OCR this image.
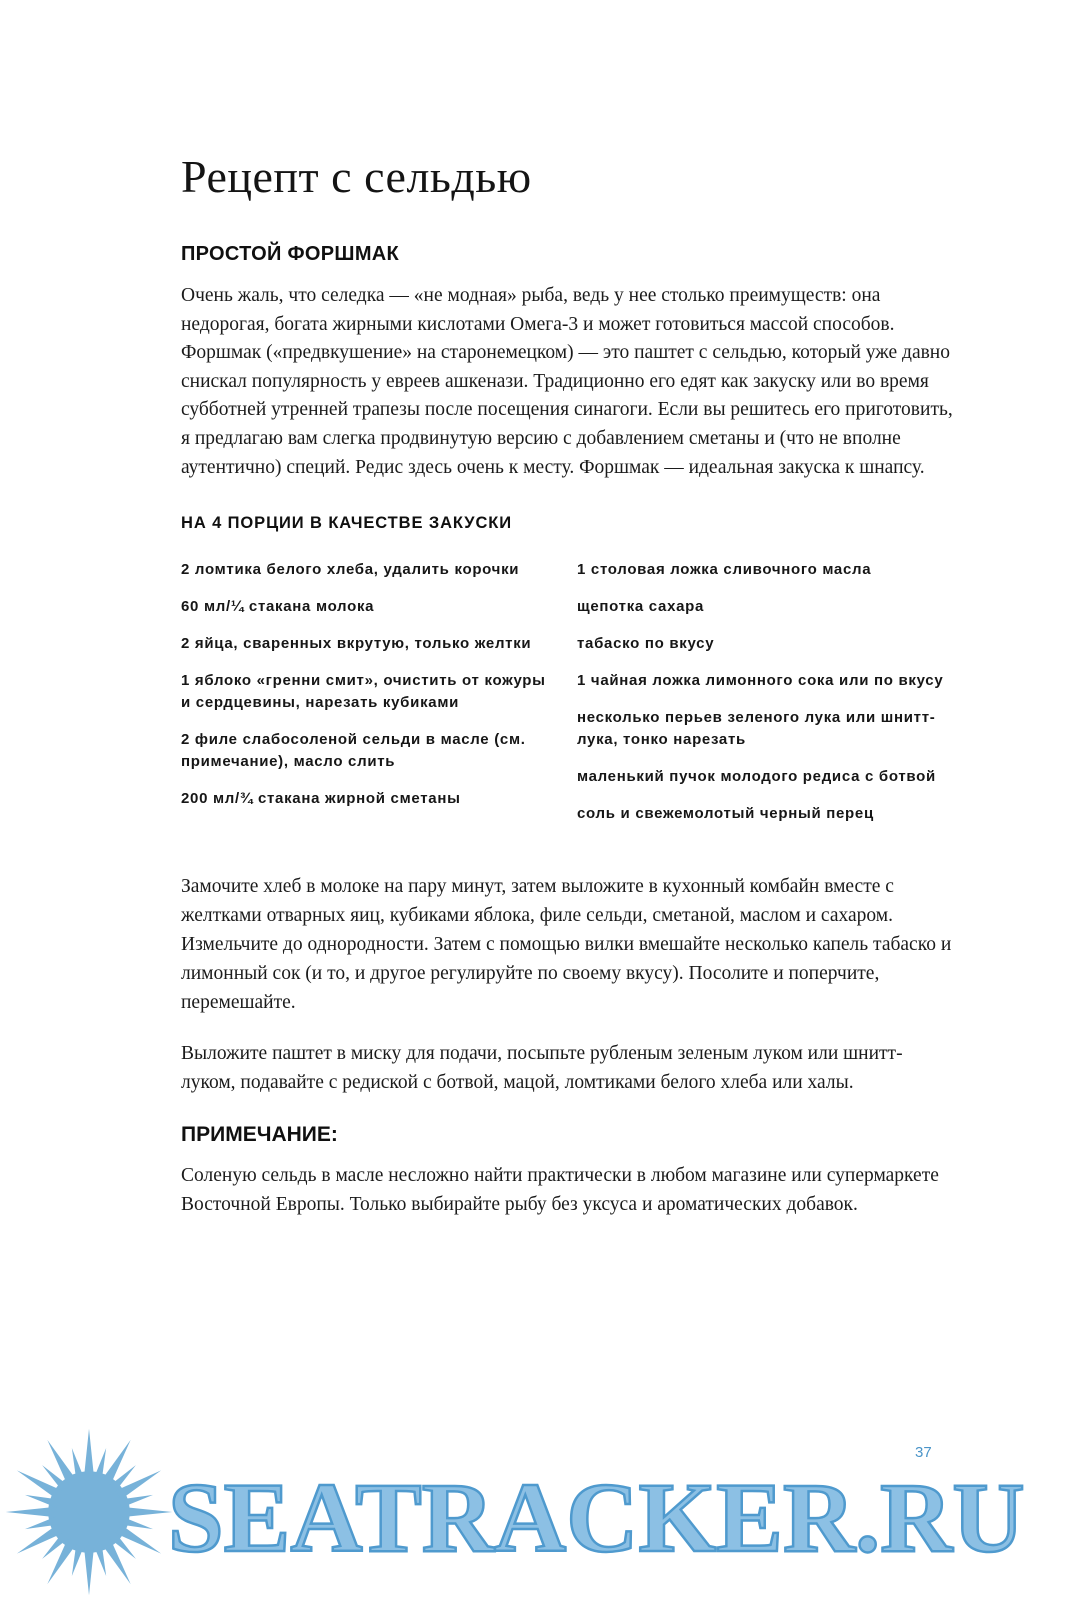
Рецепт с сельдью
ПРОСТОЙ ФОРШМАК

Очень жаль, что селедка — «не модная» рыба, ведь у нее столько преимуществ: она недорогая, богата жирными кислотами Омега-3 и может готовиться массой способов. Форшмак («предвкушение» на старонемецком) — это паштет с сельдью, который уже давно снискал популярность у евреев ашкенази. Традиционно его едят как закуску или во время субботней утренней трапезы после посещения синагоги. Если вы решитесь его приготовить, я предлагаю вам слегка продвинутую версию с добавлением сметаны и (что не вполне аутентично) специй. Редис здесь очень к месту. Форшмак — идеальная закуска к шнапсу.

НА 4 ПОРЦИИ В КАЧЕСТВЕ ЗАКУСКИ
2 ломтика белого хлеба, удалить корочки
60 мл/¼ стакана молока
2 яйца, сваренных вкрутую, только желтки
1 яблоко «гренни смит», очистить от кожуры и сердцевины, нарезать кубиками
2 филе слабосоленой сельди в масле (см. примечание), масло слить
200 мл/¾ стакана жирной сметаны
1 столовая ложка сливочного масла
щепотка сахара
табаско по вкусу
1 чайная ложка лимонного сока или по вкусу
несколько перьев зеленого лука или шнитт-лука, тонко нарезать
маленький пучок молодого редиса с ботвой
соль и свежемолотый черный перец

Замочите хлеб в молоке на пару минут, затем выложите в кухонный комбайн вместе с желтками отварных яиц, кубиками яблока, филе сельди, сметаной, маслом и сахаром. Измельчите до однородности. Затем с помощью вилки вмешайте несколько капель табаско и лимонный сок (и то, и другое регулируйте по своему вкусу). Посолите и поперчите, перемешайте.

Выложите паштет в миску для подачи, посыпьте рубленым зеленым луком или шнитт-луком, подавайте с редиской с ботвой, мацой, ломтиками белого хлеба или халы.

ПРИМЕЧАНИЕ:

Соленую сельдь в масле несложно найти практически в любом магазине или супермаркете Восточной Европы. Только выбирайте рыбу без уксуса и ароматических добавок.

37
SEATRACKER.RU
